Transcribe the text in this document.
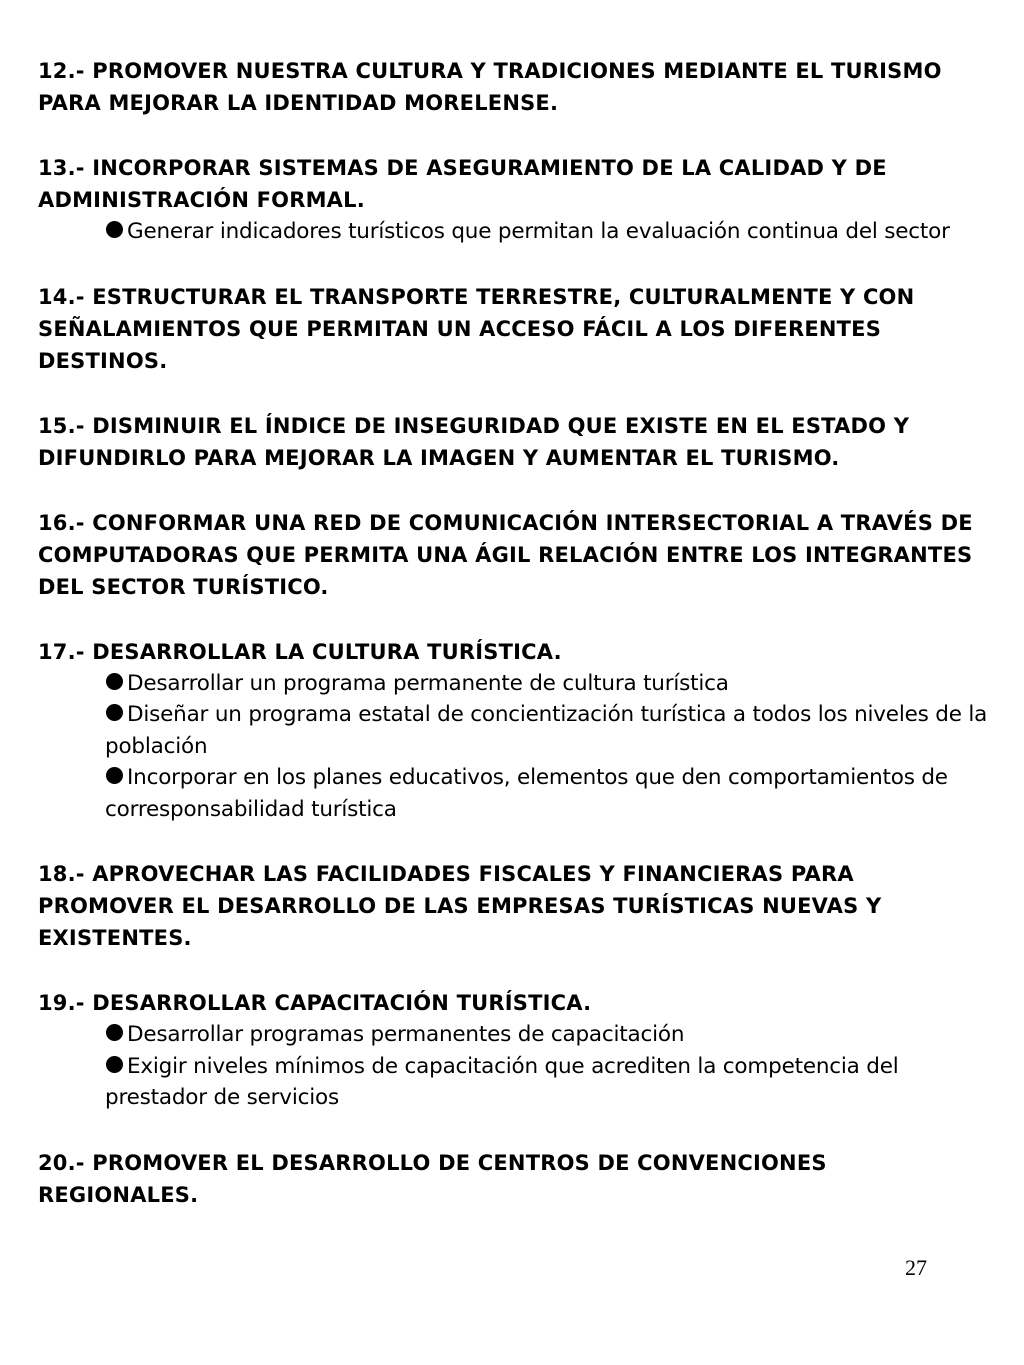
12.- PROMOVER NUESTRA CULTURA Y TRADICIONES MEDIANTE EL TURISMO PARA MEJORAR LA IDENTIDAD MORELENSE.

13.- INCORPORAR SISTEMAS DE ASEGURAMIENTO DE LA CALIDAD Y DE ADMINISTRACIÓN FORMAL.

Generar indicadores turísticos que permitan la evaluación continua del sector

14.- ESTRUCTURAR EL TRANSPORTE TERRESTRE, CULTURALMENTE Y CON SEÑALAMIENTOS QUE PERMITAN UN ACCESO FÁCIL A LOS DIFERENTES DESTINOS.

15.- DISMINUIR EL ÍNDICE DE INSEGURIDAD QUE EXISTE EN EL ESTADO Y DIFUNDIRLO PARA MEJORAR LA IMAGEN Y AUMENTAR EL TURISMO.

16.- CONFORMAR UNA RED DE COMUNICACIÓN INTERSECTORIAL A TRAVÉS DE COMPUTADORAS QUE PERMITA UNA ÁGIL RELACIÓN ENTRE LOS INTEGRANTES DEL SECTOR TURÍSTICO.

17.- DESARROLLAR LA CULTURA TURÍSTICA.

Desarrollar un programa permanente de cultura turística
Diseñar un programa estatal de concientización turística a todos los niveles de la población
Incorporar en los planes educativos, elementos que den comportamientos de corresponsabilidad turística

18.- APROVECHAR LAS FACILIDADES FISCALES Y FINANCIERAS PARA PROMOVER EL DESARROLLO DE LAS EMPRESAS TURÍSTICAS NUEVAS Y EXISTENTES.

19.- DESARROLLAR CAPACITACIÓN TURÍSTICA.

Desarrollar programas permanentes de capacitación
Exigir niveles mínimos de capacitación que acrediten la competencia del prestador de servicios

20.- PROMOVER EL DESARROLLO DE CENTROS DE CONVENCIONES REGIONALES.

27
